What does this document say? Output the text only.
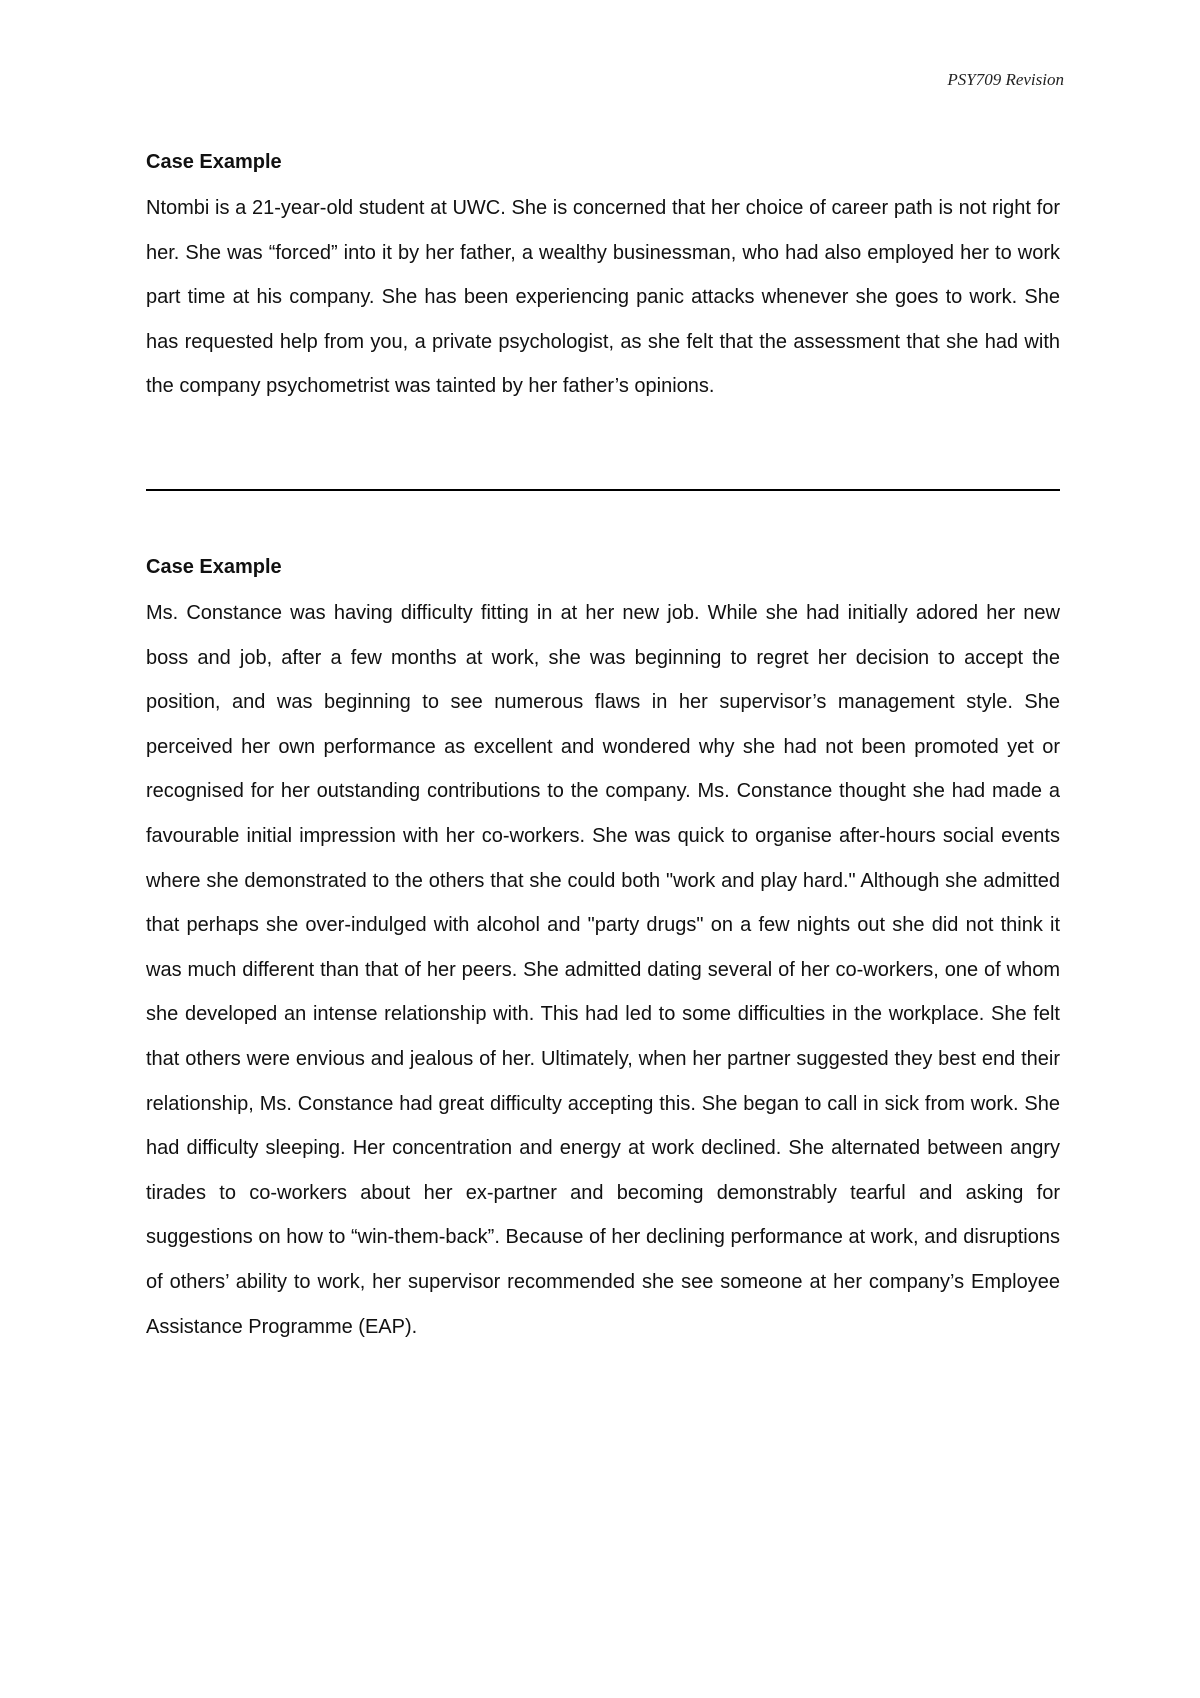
PSY709 Revision
Case Example

Ntombi is a 21-year-old student at UWC. She is concerned that her choice of career path is not right for her. She was “forced” into it by her father, a wealthy businessman, who had also employed her to work part time at his company. She has been experiencing panic attacks whenever she goes to work. She has requested help from you, a private psychologist, as she felt that the assessment that she had with the company psychometrist was tainted by her father’s opinions.

Case Example

Ms. Constance was having difficulty fitting in at her new job. While she had initially adored her new boss and job, after a few months at work, she was beginning to regret her decision to accept the position, and was beginning to see numerous flaws in her supervisor’s management style. She perceived her own performance as excellent and wondered why she had not been promoted yet or recognised for her outstanding contributions to the company. Ms. Constance thought she had made a favourable initial impression with her co-workers. She was quick to organise after-hours social events where she demonstrated to the others that she could both "work and play hard." Although she admitted that perhaps she over-indulged with alcohol and "party drugs" on a few nights out she did not think it was much different than that of her peers. She admitted dating several of her co-workers, one of whom she developed an intense relationship with. This had led to some difficulties in the workplace. She felt that others were envious and jealous of her. Ultimately, when her partner suggested they best end their relationship, Ms. Constance had great difficulty accepting this. She began to call in sick from work. She had difficulty sleeping. Her concentration and energy at work declined. She alternated between angry tirades to co-workers about her ex-partner and becoming demonstrably tearful and asking for suggestions on how to “win-them-back”. Because of her declining performance at work, and disruptions of others’ ability to work, her supervisor recommended she see someone at her company’s Employee Assistance Programme (EAP).
